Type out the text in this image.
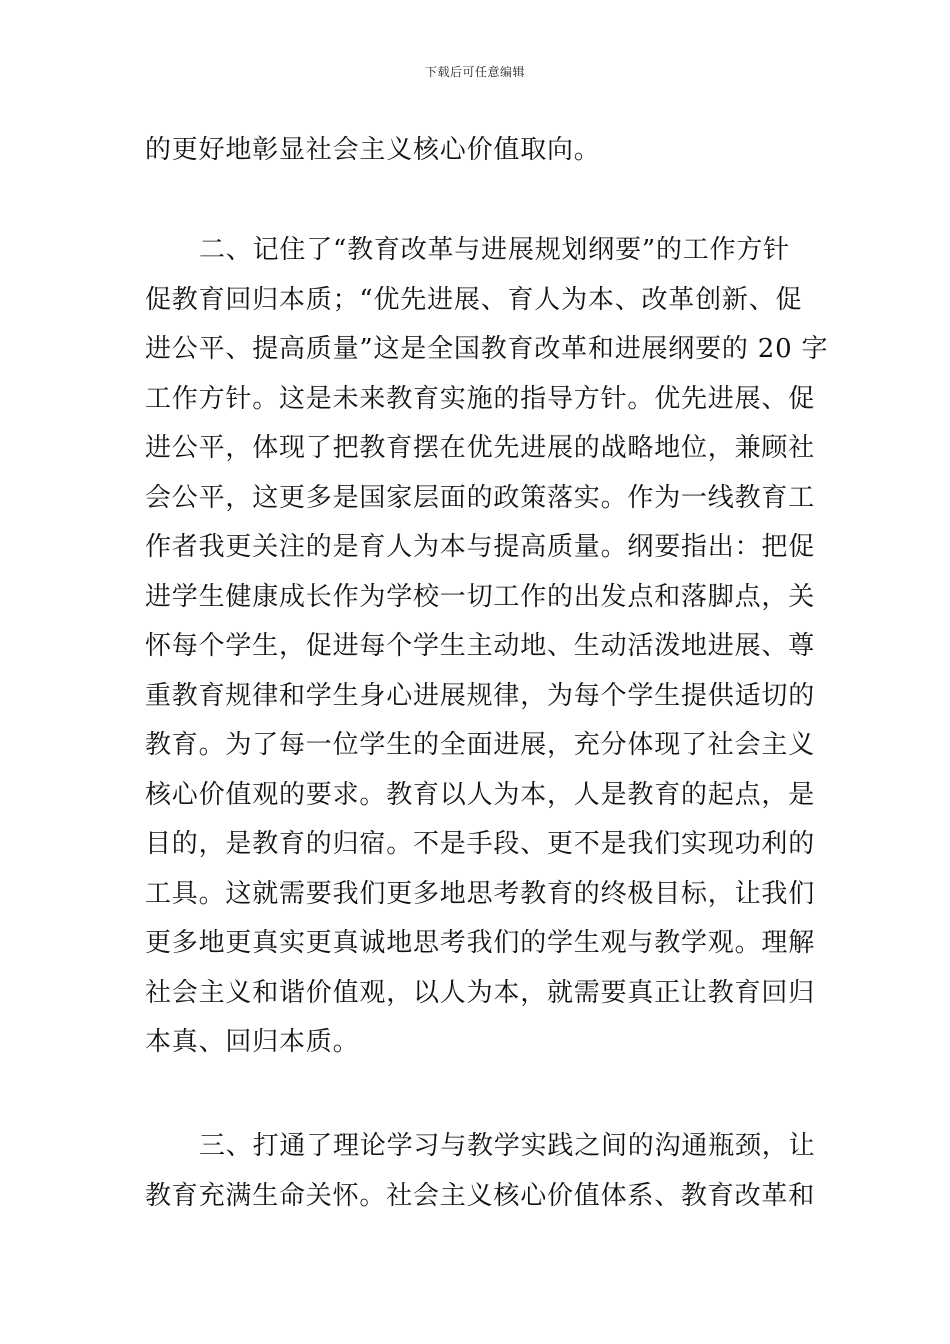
下载后可任意编辑
的更好地彰显社会主义核心价值取向。
二、记住了“教育改革与进展规划纲要”的工作方针
促教育回归本质；“优先进展、育人为本、改革创新、促
进公平、提高质量”这是全国教育改革和进展纲要的 20 字
工作方针。这是未来教育实施的指导方针。优先进展、促
进公平，体现了把教育摆在优先进展的战略地位，兼顾社
会公平，这更多是国家层面的政策落实。作为一线教育工
作者我更关注的是育人为本与提高质量。纲要指出：把促
进学生健康成长作为学校一切工作的出发点和落脚点，关
怀每个学生，促进每个学生主动地、生动活泼地进展、尊
重教育规律和学生身心进展规律，为每个学生提供适切的
教育。为了每一位学生的全面进展，充分体现了社会主义
核心价值观的要求。教育以人为本，人是教育的起点，是
目的，是教育的归宿。不是手段、更不是我们实现功利的
工具。这就需要我们更多地思考教育的终极目标，让我们
更多地更真实更真诚地思考我们的学生观与教学观。理解
社会主义和谐价值观，以人为本，就需要真正让教育回归
本真、回归本质。
三、打通了理论学习与教学实践之间的沟通瓶颈，让
教育充满生命关怀。社会主义核心价值体系、教育改革和
